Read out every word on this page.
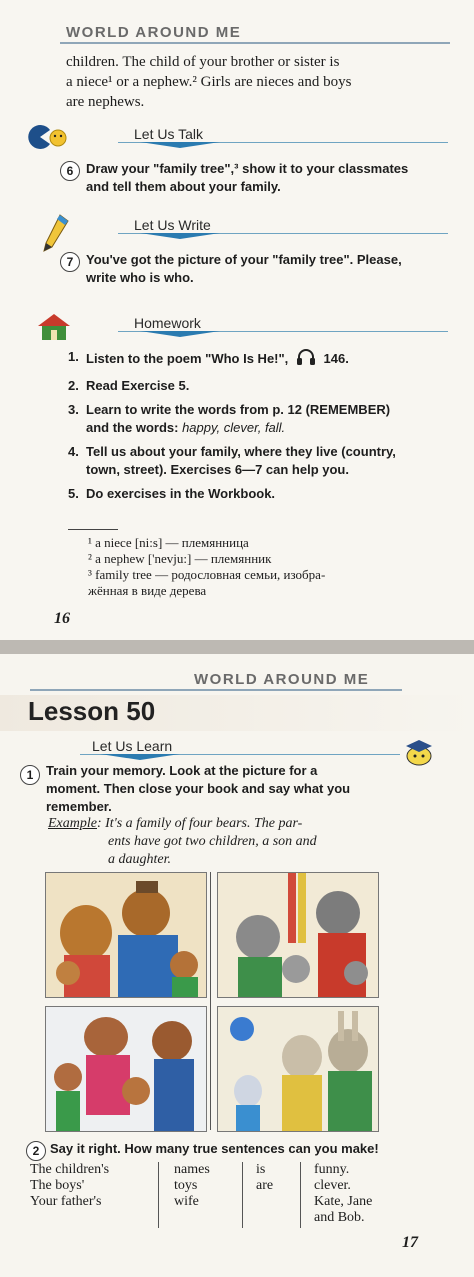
WORLD AROUND ME
children. The child of your brother or sister is
a niece¹ or a nephew.² Girls are nieces and boys
are nephews.
Let Us Talk
6 Draw your "family tree",³ show it to your classmates
and tell them about your family.
Let Us Write
7 You've got the picture of your "family tree". Please,
write who is who.
Homework
1. Listen to the poem "Who Is He!",	146.
2. Read Exercise 5.
3. Learn to write the words from p. 12 (REMEMBER)
and the words: happy, clever, fall.
4. Tell us about your family, where they live (country,
town, street). Exercises 6—7 can help you.
5. Do exercises in the Workbook.
¹ a niece [ni:s] — племянница
² a nephew ['nevju:] — племянник
³ family tree — родословная семьи, изобра-
жённая в виде дерева
16
WORLD AROUND ME
Lesson 50
Let Us Learn
1 Train your memory. Look at the picture for a
moment. Then close your book and say what you
remember.
Example: It's a family of four bears. The par-
ents have got two children, a son and
a daughter.
2 Say it right. How many true sentences can you make!
The children's
The boys'
Your father's
names
toys
wife
is
are
funny.
clever.
Kate, Jane
and Bob.
17
